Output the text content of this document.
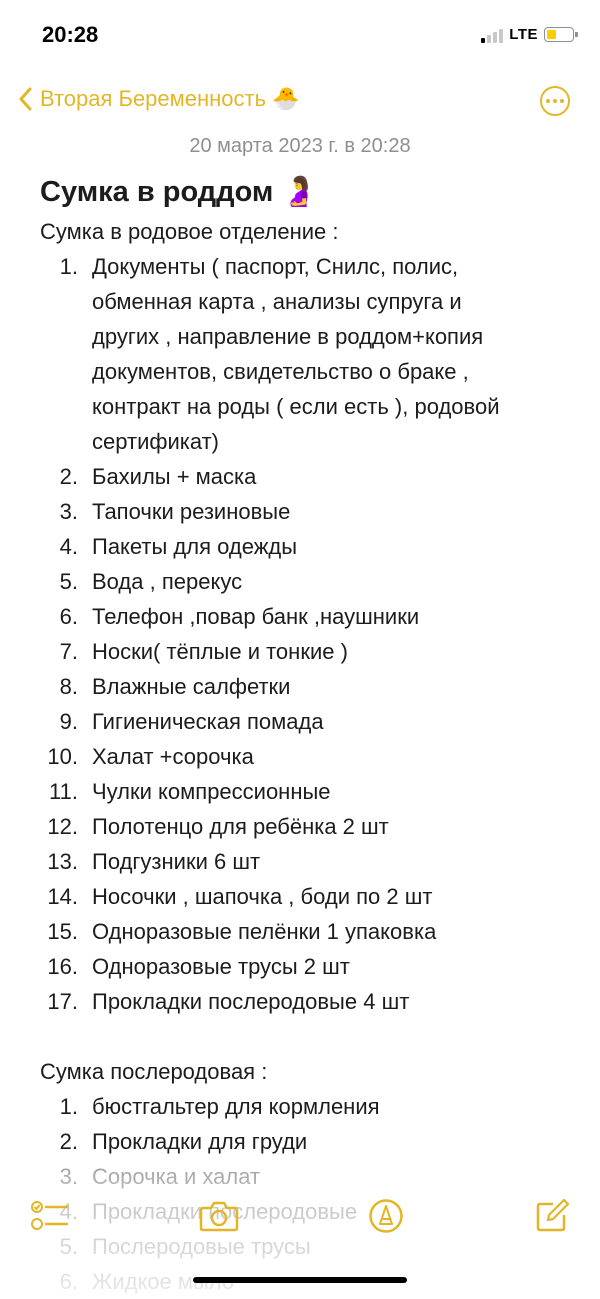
20:28	LTE
Вторая Беременность 🐣
20 марта 2023 г. в 20:28
Сумка в роддом 🤰

Сумка в родовое отделение :

1. Документы ( паспорт, Снилс, полис,
обменная карта , анализы супруга и
других , направление в роддом+копия
документов, свидетельство о браке ,
контракт на роды ( если есть ), родовой
сертификат)
2. Бахилы + маска
3. Тапочки резиновые
4. Пакеты для одежды
5. Вода , перекус
6. Телефон ,повар банк ,наушники
7. Носки( тёплые и тонкие )
8. Влажные салфетки
9. Гигиеническая помада
10. Халат +сорочка
11. Чулки компрессионные
12. Полотенцо для ребёнка 2 шт
13. Подгузники 6 шт
14. Носочки , шапочка , боди по 2 шт
15. Одноразовые пелёнки 1 упаковка
16. Одноразовые трусы 2 шт
17. Прокладки послеродовые 4 шт

Сумка послеродовая :

1. бюстгальтер для кормления
2. Прокладки для груди
